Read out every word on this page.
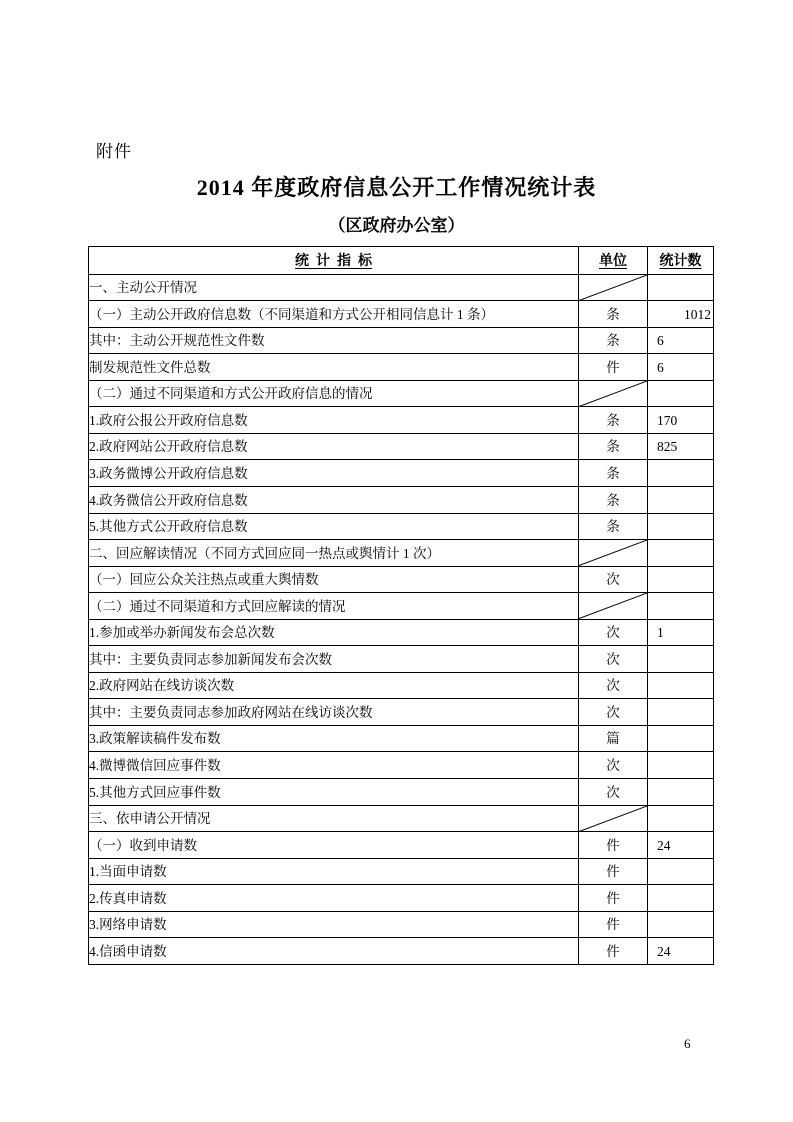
附件
2014 年度政府信息公开工作情况统计表
（区政府办公室）
统  计  指  标	单位	统计数
一、主动公开情况	

（一）主动公开政府信息数（不同渠道和方式公开相同信息计 1 条）	条	1012
其中：主动公开规范性文件数	条	6
制发规范性文件总数	件	6
（二）通过不同渠道和方式公开政府信息的情况	

1.政府公报公开政府信息数	条	170
2.政府网站公开政府信息数	条	825
3.政务微博公开政府信息数	条	
4.政务微信公开政府信息数	条	
5.其他方式公开政府信息数	条	
二、回应解读情况（不同方式回应同一热点或舆情计 1 次）	

（一）回应公众关注热点或重大舆情数	次	
（二）通过不同渠道和方式回应解读的情况	

1.参加或举办新闻发布会总次数	次	1
其中：主要负责同志参加新闻发布会次数	次	
2.政府网站在线访谈次数	次	
其中：主要负责同志参加政府网站在线访谈次数	次	
3.政策解读稿件发布数	篇	
4.微博微信回应事件数	次	
5.其他方式回应事件数	次	
三、依申请公开情况	

（一）收到申请数	件	24
1.当面申请数	件	
2.传真申请数	件	
3.网络申请数	件	
4.信函申请数	件	24
6
